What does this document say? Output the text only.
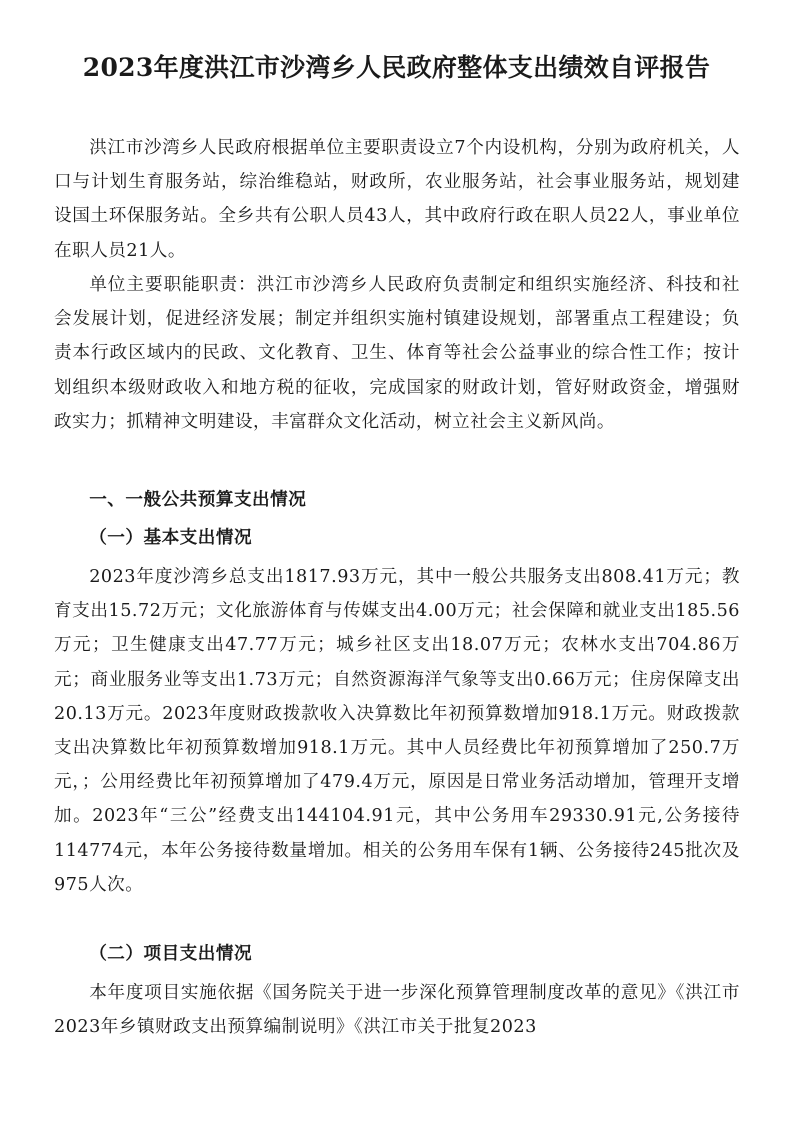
2023年度洪江市沙湾乡人民政府整体支出绩效自评报告

洪江市沙湾乡人民政府根据单位主要职责设立7个内设机构，分别为政府机关，人口与计划生育服务站，综治维稳站，财政所，农业服务站，社会事业服务站，规划建设国土环保服务站。全乡共有公职人员43人，其中政府行政在职人员22人，事业单位在职人员21人。

单位主要职能职责：洪江市沙湾乡人民政府负责制定和组织实施经济、科技和社会发展计划，促进经济发展；制定并组织实施村镇建设规划，部署重点工程建设；负责本行政区域内的民政、文化教育、卫生、体育等社会公益事业的综合性工作；按计划组织本级财政收入和地方税的征收，完成国家的财政计划，管好财政资金，增强财政实力；抓精神文明建设，丰富群众文化活动，树立社会主义新风尚。

一、一般公共预算支出情况

（一）基本支出情况

2023年度沙湾乡总支出1817.93万元，其中一般公共服务支出808.41万元；教育支出15.72万元；文化旅游体育与传媒支出4.00万元；社会保障和就业支出185.56万元；卫生健康支出47.77万元；城乡社区支出18.07万元；农林水支出704.86万元；商业服务业等支出1.73万元；自然资源海洋气象等支出0.66万元；住房保障支出20.13万元。2023年度财政拨款收入决算数比年初预算数增加918.1万元。财政拨款支出决算数比年初预算数增加918.1万元。其中人员经费比年初预算增加了250.7万元，；公用经费比年初预算增加了479.4万元，原因是日常业务活动增加，管理开支增加。2023年“三公”经费支出144104.91元，其中公务用车29330.91元,公务接待114774元，本年公务接待数量增加。相关的公务用车保有1辆、公务接待245批次及975人次。

（二）项目支出情况

本年度项目实施依据《国务院关于进一步深化预算管理制度改革的意见》《洪江市2023年乡镇财政支出预算编制说明》《洪江市关于批复2023
